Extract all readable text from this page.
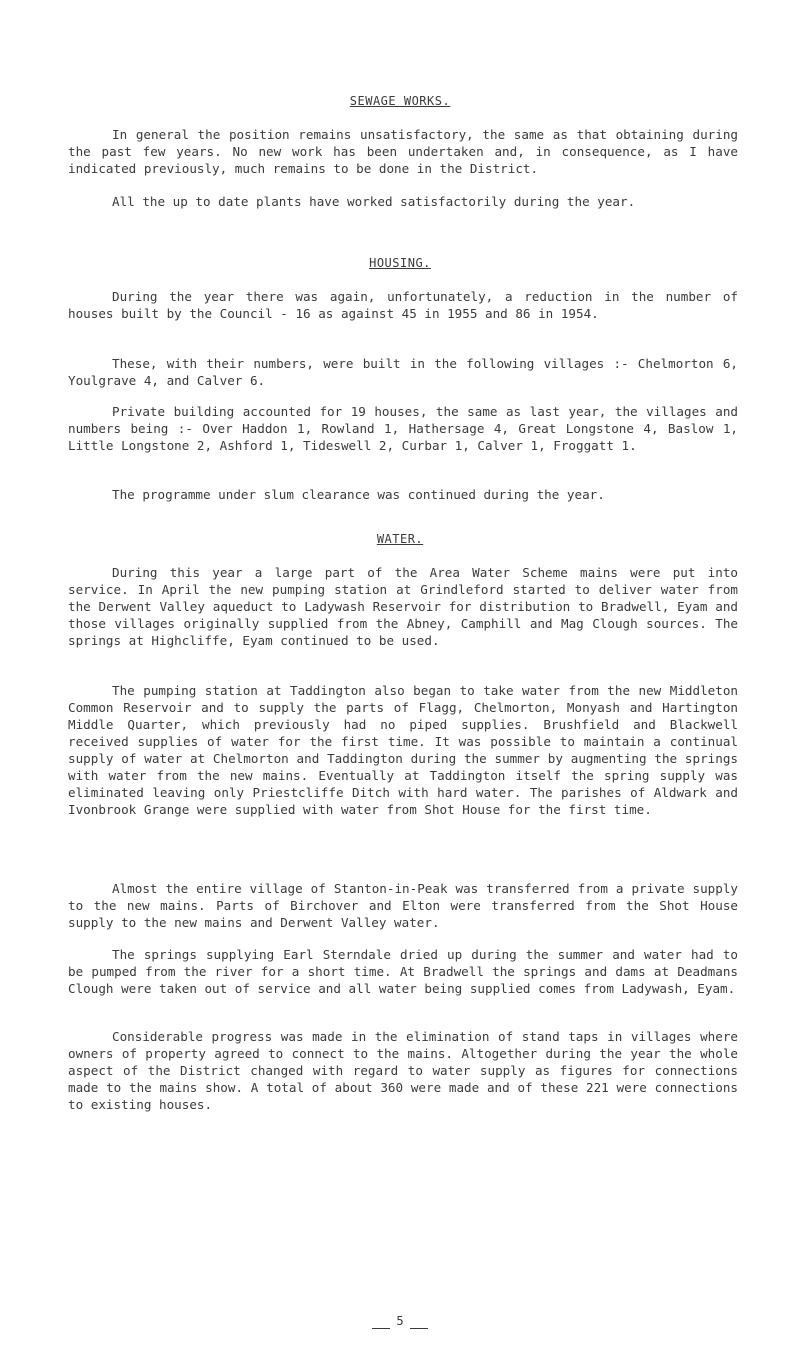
SEWAGE WORKS.

In general the position remains unsatisfactory, the same as that obtaining during the past few years. No new work has been undertaken and, in consequence, as I have indicated previously, much remains to be done in the District.

All the up to date plants have worked satisfactorily during the year.

HOUSING.

During the year there was again, unfortunately, a reduction in the number of houses built by the Council - 16 as against 45 in 1955 and 86 in 1954.

These, with their numbers, were built in the following villages :- Chelmorton 6, Youlgrave 4, and Calver 6.

Private building accounted for 19 houses, the same as last year, the villages and numbers being :- Over Haddon 1, Rowland 1, Hathersage 4, Great Longstone 4, Baslow 1, Little Longstone 2, Ashford 1, Tideswell 2, Curbar 1, Calver 1, Froggatt 1.

The programme under slum clearance was continued during the year.

WATER.

During this year a large part of the Area Water Scheme mains were put into service. In April the new pumping station at Grindleford started to deliver water from the Derwent Valley aqueduct to Ladywash Reservoir for distribution to Bradwell, Eyam and those villages originally supplied from the Abney, Camphill and Mag Clough sources. The springs at Highcliffe, Eyam continued to be used.

The pumping station at Taddington also began to take water from the new Middleton Common Reservoir and to supply the parts of Flagg, Chelmorton, Monyash and Hartington Middle Quarter, which previously had no piped supplies. Brushfield and Blackwell received supplies of water for the first time. It was possible to maintain a continual supply of water at Chelmorton and Taddington during the summer by augmenting the springs with water from the new mains. Eventually at Taddington itself the spring supply was eliminated leaving only Priestcliffe Ditch with hard water. The parishes of Aldwark and Ivonbrook Grange were supplied with water from Shot House for the first time.

Almost the entire village of Stanton-in-Peak was transferred from a private supply to the new mains. Parts of Birchover and Elton were transferred from the Shot House supply to the new mains and Derwent Valley water.

The springs supplying Earl Sterndale dried up during the summer and water had to be pumped from the river for a short time. At Bradwell the springs and dams at Deadmans Clough were taken out of service and all water being supplied comes from Ladywash, Eyam.

Considerable progress was made in the elimination of stand taps in villages where owners of property agreed to connect to the mains. Altogether during the year the whole aspect of the District changed with regard to water supply as figures for connections made to the mains show. A total of about 360 were made and of these 221 were connections to existing houses.

5
